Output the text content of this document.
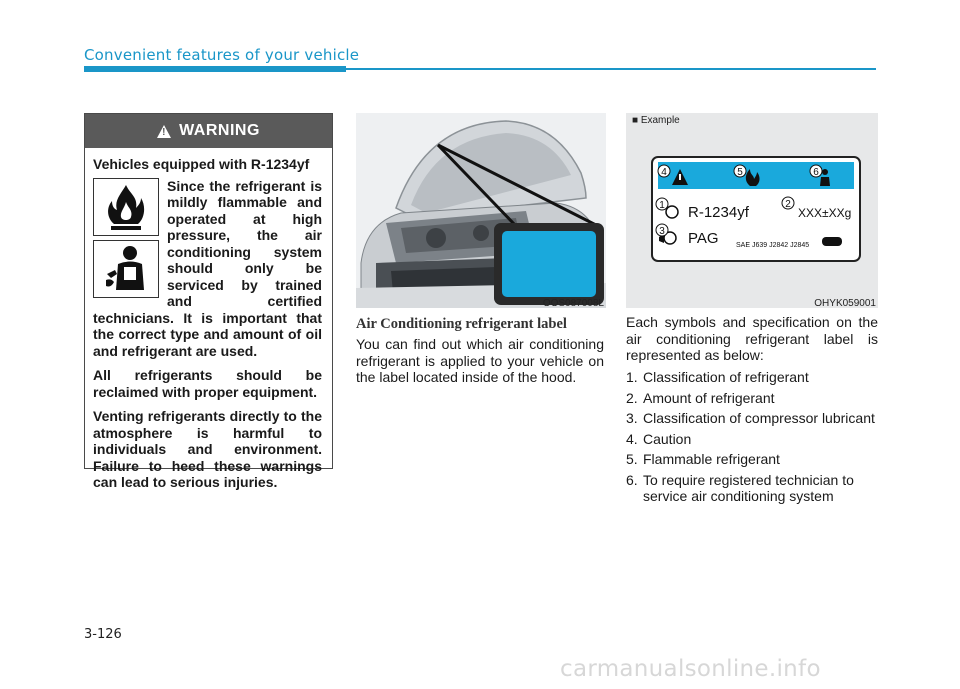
Convenient features of your vehicle
!
WARNING
Vehicles equipped with R-1234yf

Since the refrigerant is mildly flammable and operated at high pressure, the air conditioning system should only be serviced by trained and certified technicians. It is important that the correct type and amount of oil and refrigerant are used.

All refrigerants should be reclaimed with proper equipment.

Venting refrigerants directly to the atmosphere is harmful to individuals and environment. Failure to heed these warnings can lead to serious injuries.

OOS087008L
Air Conditioning refrigerant label

You can find out which air conditioning refrigerant is applied to your vehicle on the label located inside of the hood.

4	5	6
1	2
3
R-1234yf	XXX±XXg
PAG SAE J639 J2842 J2845
■ Example
OHYK059001

Each symbols and specification on the air conditioning refrigerant label is represented as below:

1. Classification of refrigerant
2. Amount of refrigerant
3. Classification of compressor lubricant
4. Caution
5. Flammable refrigerant
6. To require registered technician to service air conditioning system
3-126
carmanualsonline.info
